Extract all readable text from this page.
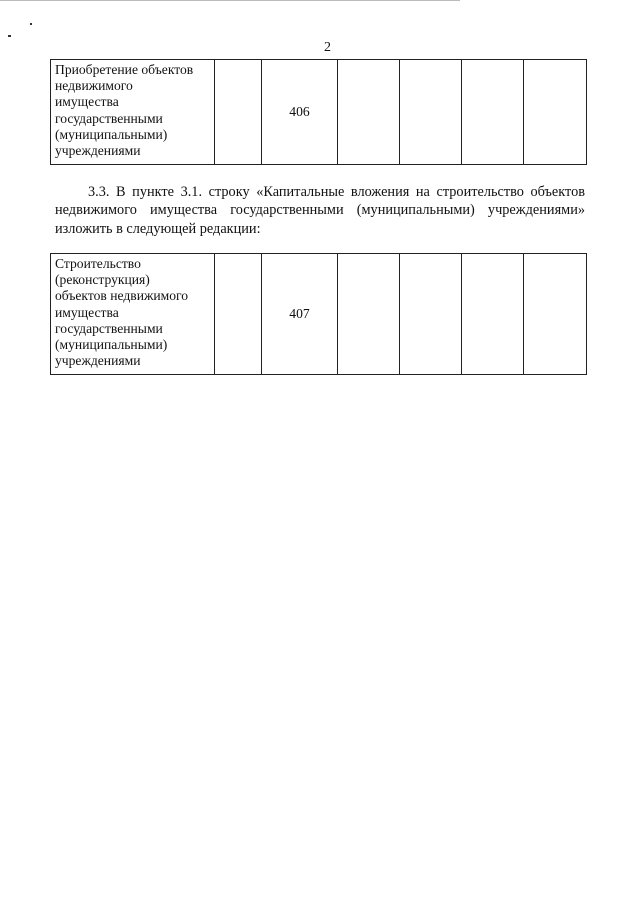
2
Приобретение объектов
недвижимого
имущества
государственными
(муниципальными)
учреждениями
		406				
3.3. В пункте 3.1. строку «Капитальные вложения на строительство объектов
недвижимого имущества государственными (муниципальными) учреждениями»
изложить в следующей редакции:
Строительство
(реконструкция)
объектов недвижимого
имущества
государственными
(муниципальными)
учреждениями
		407				
